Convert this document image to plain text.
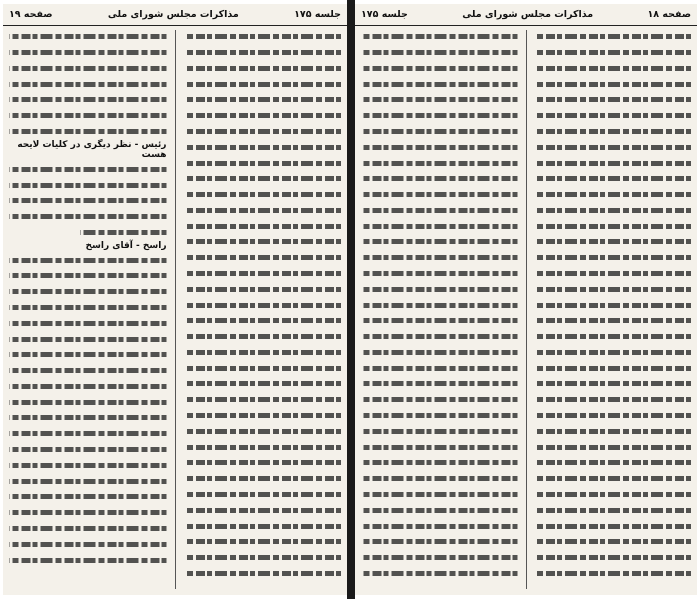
جلسه ۱۷۵
مذاکرات مجلس شورای ملی
صفحه ۱۹
رئیس - نظر دیگری در کلیات لایحه هست
راسخ - آقای راسخ
صفحه ۱۸
مذاکرات مجلس شورای ملی
جلسه ۱۷۵
